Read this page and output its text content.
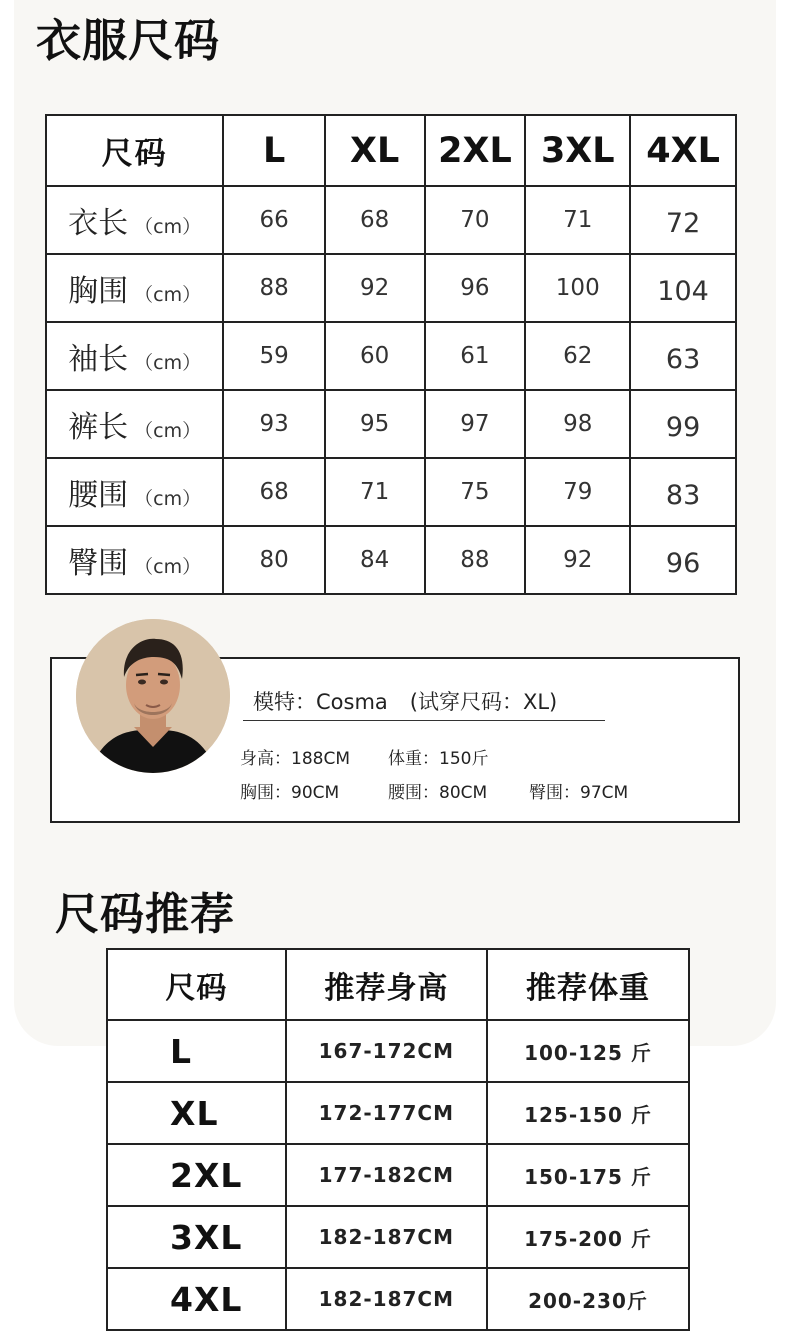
衣服尺码
尺码	L	XL	2XL	3XL	4XL
衣长 （cm）	66	68	70	71	72
胸围 （cm）	88	92	96	100	104
袖长 （cm）	59	60	61	62	63
裤长 （cm）	93	95	97	98	99
腰围 （cm）	68	71	75	79	83
臀围 （cm）	80	84	88	92	96
模特：Cosma (试穿尺码：XL)
身高：188CM 体重：150斤
胸围：90CM	腰围：80CM 臀围：97CM
尺码推荐
尺码	推荐身高	推荐体重
L	167-172CM	100-125 斤
XL	172-177CM	125-150 斤
2XL	177-182CM	150-175 斤
3XL	182-187CM	175-200 斤
4XL	182-187CM	200-230斤
